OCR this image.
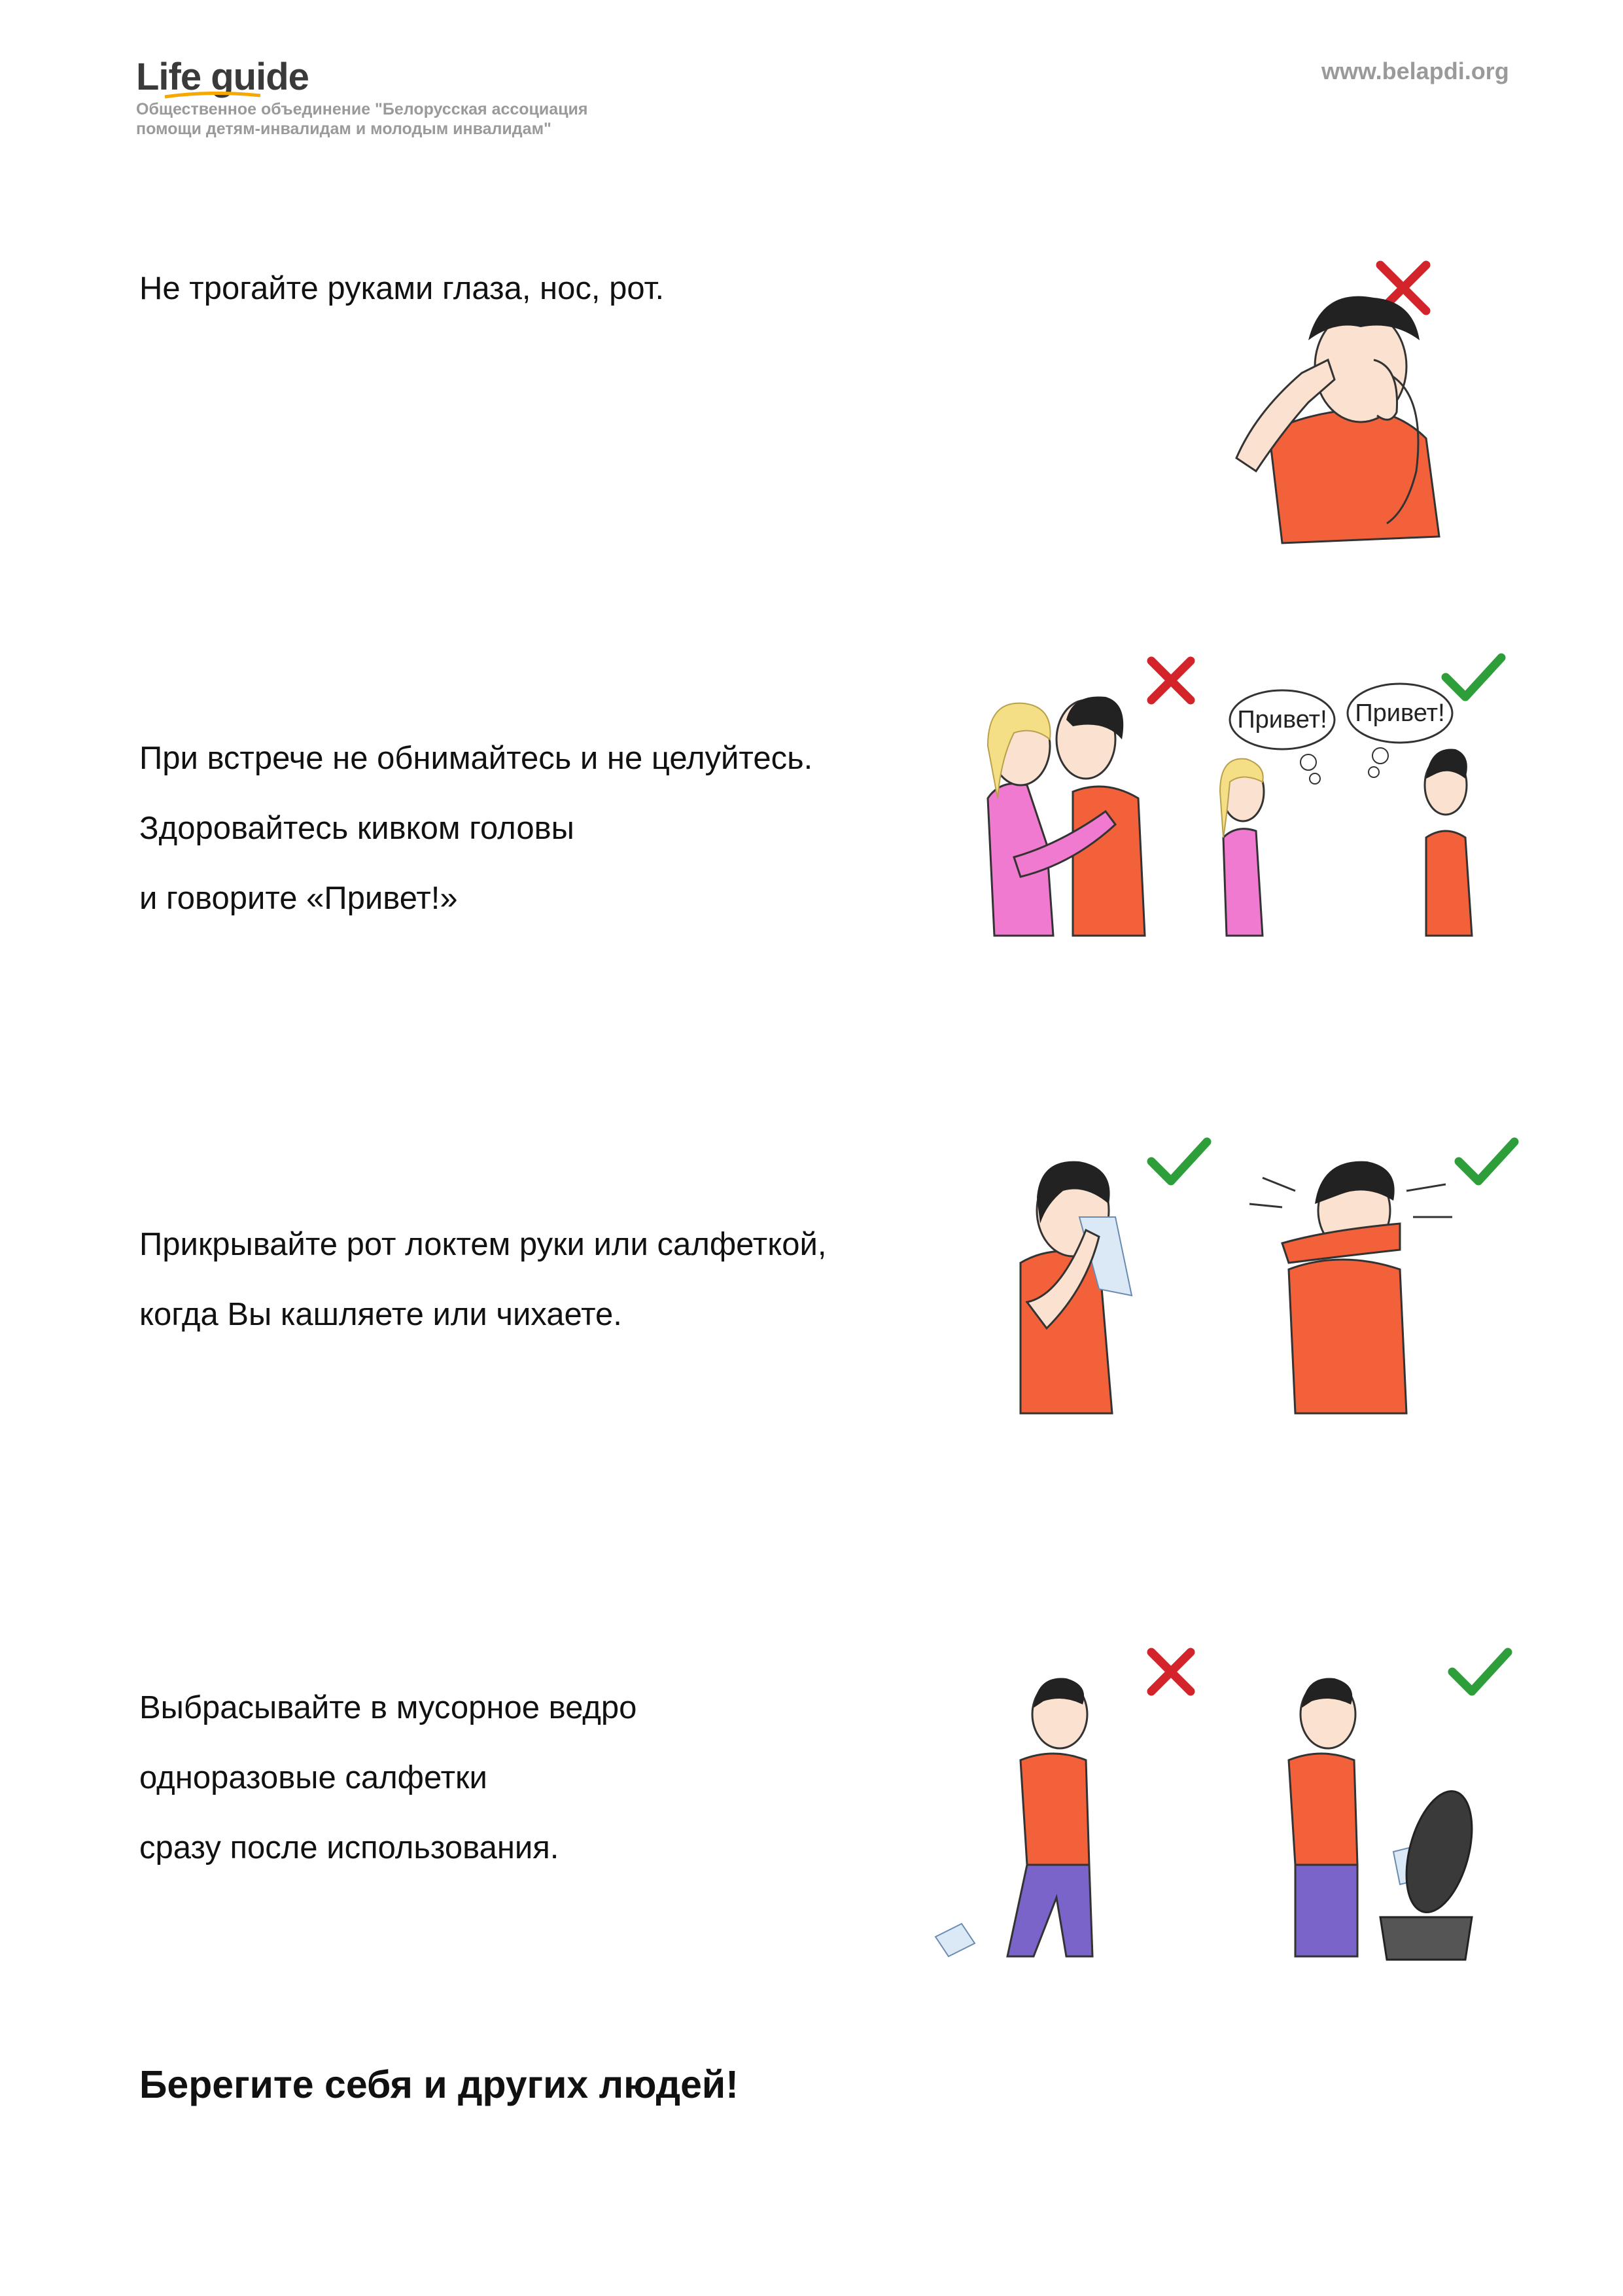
Life guide
Общественное объединение "Белорусская ассоциация
помощи детям-инвалидам и молодым инвалидам"
www.belapdi.org
Не трогайте руками глаза, нос, рот.
При встрече не обнимайтесь и не целуйтесь.
Здоровайтесь кивком головы
и говорите «Привет!»
Привет! Привет!
Прикрывайте рот локтем руки или салфеткой,
когда Вы кашляете или чихаете.
Выбрасывайте в мусорное ведро
одноразовые салфетки
сразу после использования.
Берегите себя и других людей!
